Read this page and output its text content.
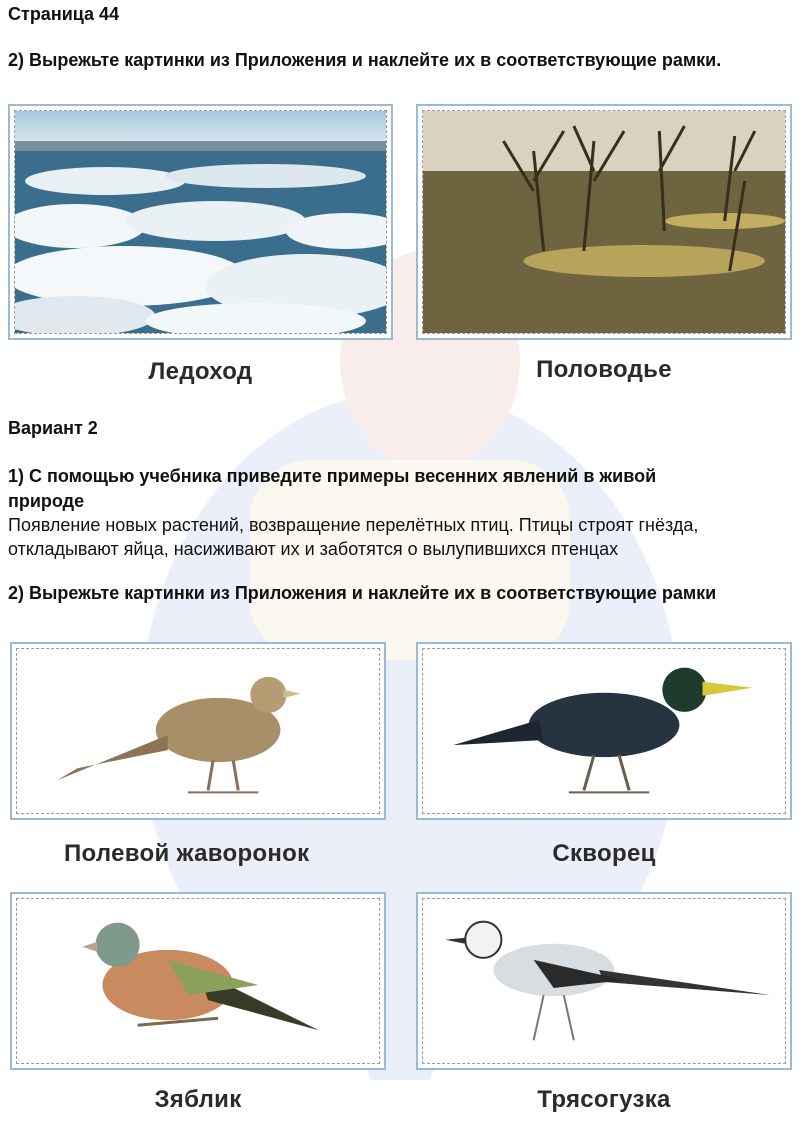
Страница 44
2) Вырежьте картинки из Приложения и наклейте их в соответствующие рамки.
Ледоход	Половодье
Вариант 2
1) С помощью учебника приведите примеры весенних явлений в живой
природе
Появление новых растений, возвращение перелётных птиц. Птицы строят гнёзда,
откладывают яйца, насиживают их и заботятся о вылупившихся птенцах
2) Вырежьте картинки из Приложения и наклейте их в соответствующие рамки
Полевой жаворонок	Скворец
Зяблик	Трясогузка
